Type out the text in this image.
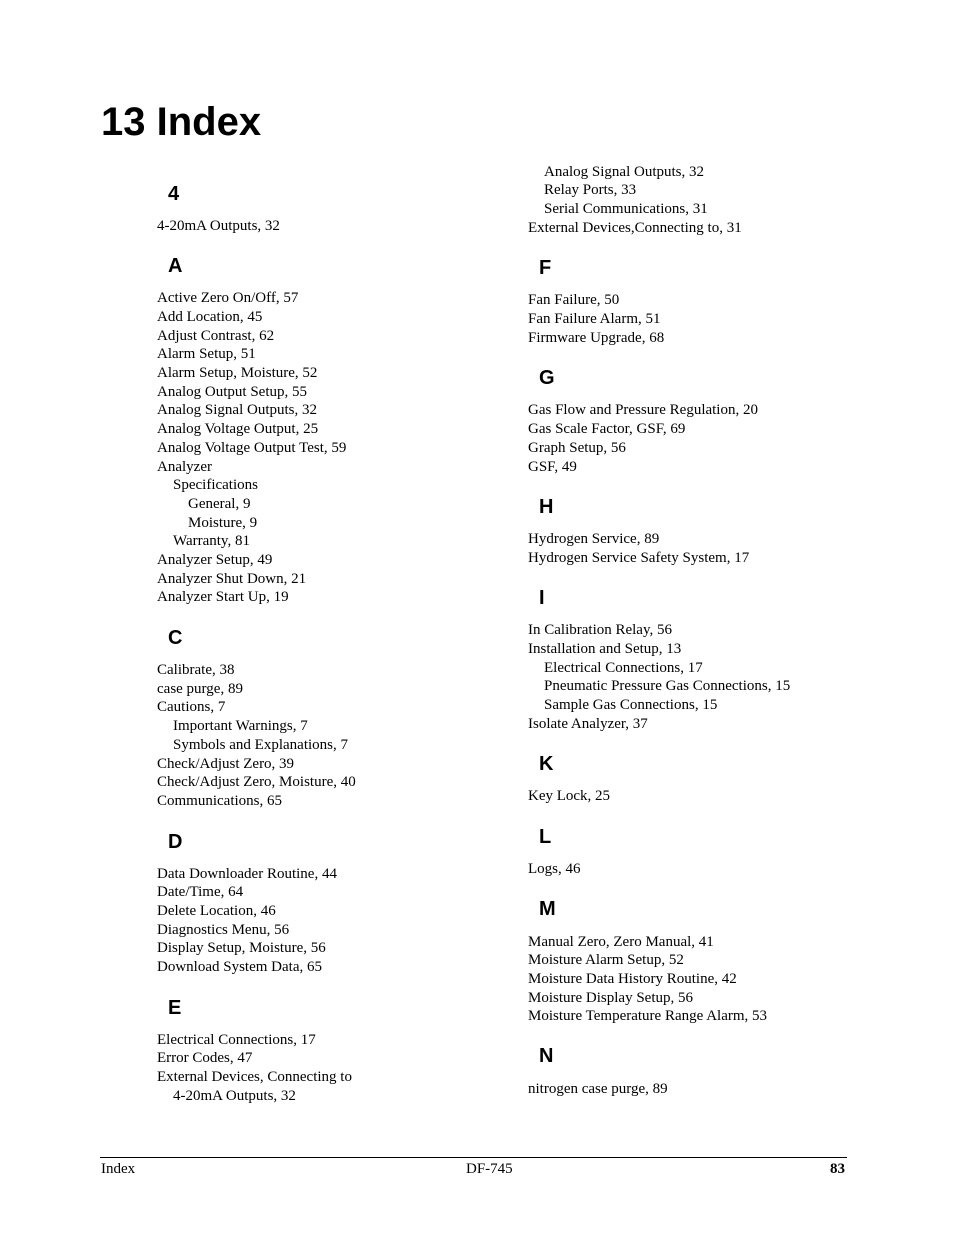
13 Index
4
4-20mA Outputs, 32
A
Active Zero On/Off, 57
Add Location, 45
Adjust Contrast, 62
Alarm Setup, 51
Alarm Setup, Moisture, 52
Analog Output Setup, 55
Analog Signal Outputs, 32
Analog Voltage Output, 25
Analog Voltage Output Test, 59
Analyzer
Specifications
General, 9
Moisture, 9
Warranty, 81
Analyzer Setup, 49
Analyzer Shut Down, 21
Analyzer Start Up, 19
C
Calibrate, 38
case purge, 89
Cautions, 7
Important Warnings, 7
Symbols and Explanations, 7
Check/Adjust Zero, 39
Check/Adjust Zero, Moisture, 40
Communications, 65
D
Data Downloader Routine, 44
Date/Time, 64
Delete Location, 46
Diagnostics Menu, 56
Display Setup, Moisture, 56
Download System Data, 65
E
Electrical Connections, 17
Error Codes, 47
External Devices, Connecting to
4-20mA Outputs, 32
Analog Signal Outputs, 32
Relay Ports, 33
Serial Communications, 31
External Devices,Connecting to, 31
F
Fan Failure, 50
Fan Failure Alarm, 51
Firmware Upgrade, 68
G
Gas Flow and Pressure Regulation, 20
Gas Scale Factor, GSF, 69
Graph Setup, 56
GSF, 49
H
Hydrogen Service, 89
Hydrogen Service Safety System, 17
I
In Calibration Relay, 56
Installation and Setup, 13
Electrical Connections, 17
Pneumatic Pressure Gas Connections, 15
Sample Gas Connections, 15
Isolate Analyzer, 37
K
Key Lock, 25
L
Logs, 46
M
Manual Zero, Zero Manual, 41
Moisture Alarm Setup, 52
Moisture Data History Routine, 42
Moisture Display Setup, 56
Moisture Temperature Range Alarm, 53
N
nitrogen case purge, 89
Index	DF-745	83
